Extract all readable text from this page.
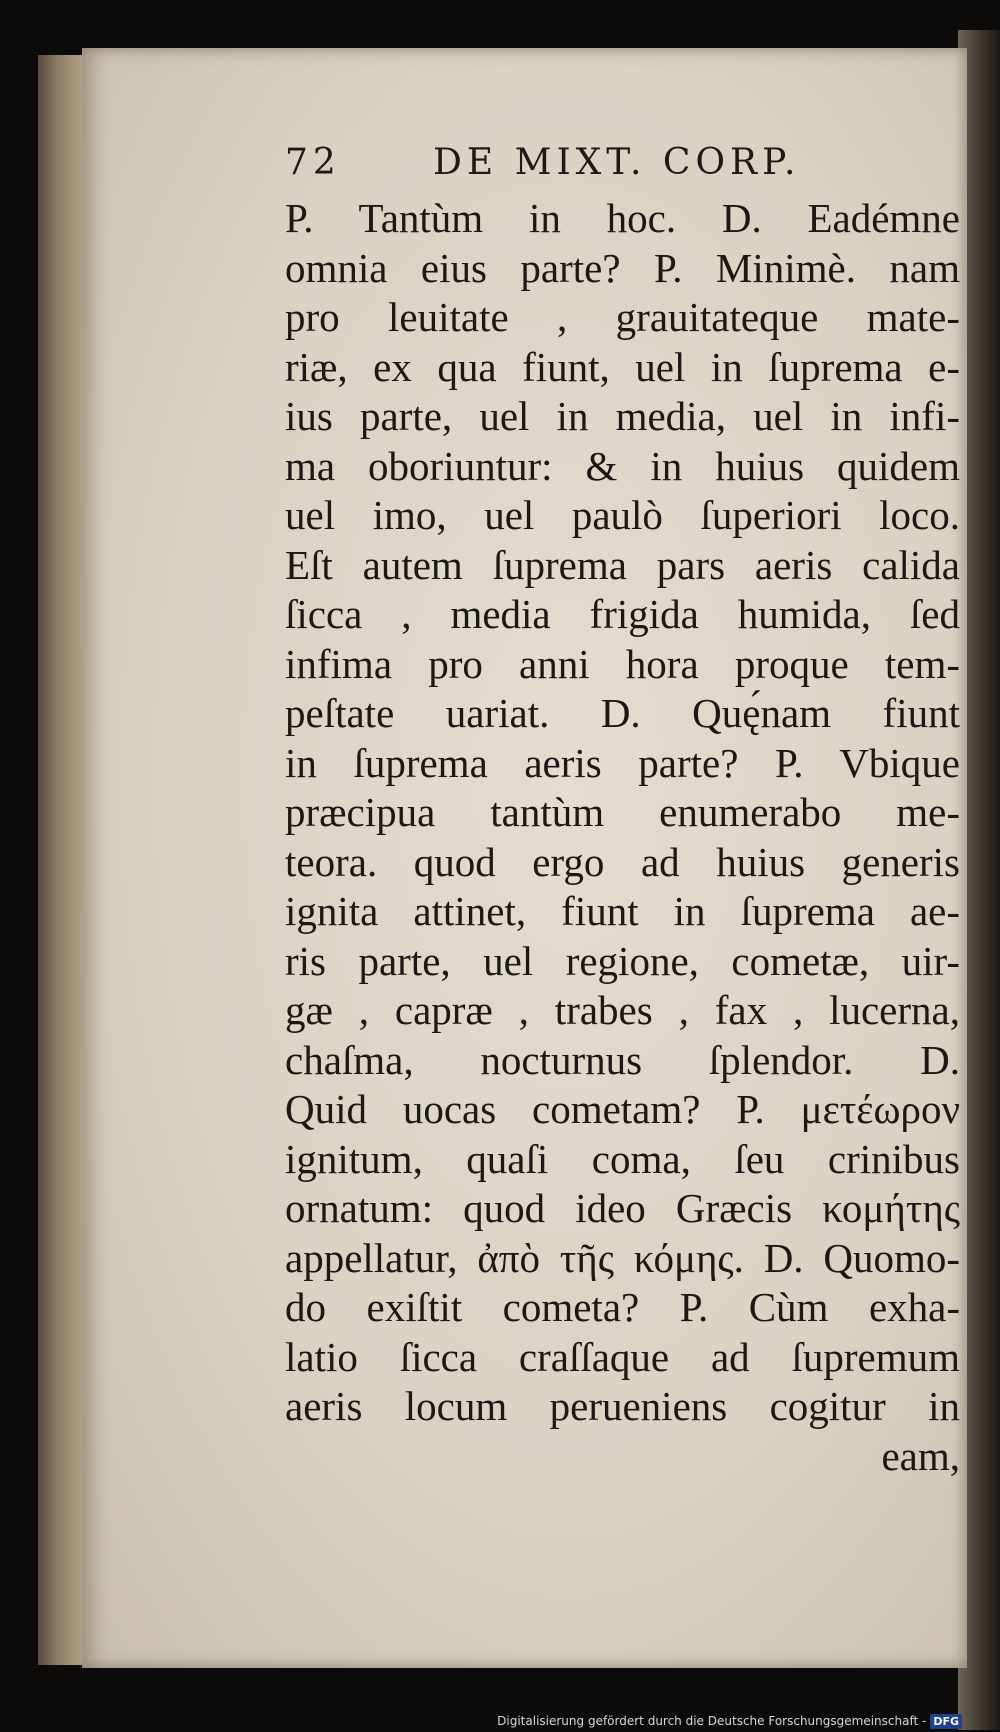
72	DE MIXT. CORP.
P. Tantùm in hoc. D. Eadémne
omnia eius parte? P. Minimè. nam
pro leuitate , grauitateque mate-
riæ, ex qua fiunt, uel in ſuprema e-
ius parte, uel in media, uel in infi-
ma oboriuntur: & in huius quidem
uel imo, uel paulò ſuperiori loco.
Eſt autem ſuprema pars aeris calida
ſicca , media frigida humida, ſed
infima pro anni hora proque tem-
peſtate uariat. D. Quę́nam fiunt
in ſuprema aeris parte? P. Vbique
præcipua tantùm enumerabo me-
teora. quod ergo ad huius generis
ignita attinet, fiunt in ſuprema ae-
ris parte, uel regione, cometæ, uir-
gæ , capræ , trabes , fax , lucerna,
chaſma, nocturnus ſplendor. D.
Quid uocas cometam? P. μετέωρον
ignitum, quaſi coma, ſeu crinibus
ornatum: quod ideo Græcis κομήτης
appellatur, ἀπὸ τῆς κόμης. D. Quomo-
do exiſtit cometa? P. Cùm exha-
latio ſicca craſſaque ad ſupremum
aeris locum perueniens cogitur in
eam,
Digitalisierung gefördert durch die Deutsche Forschungsgemeinschaft - DFG
